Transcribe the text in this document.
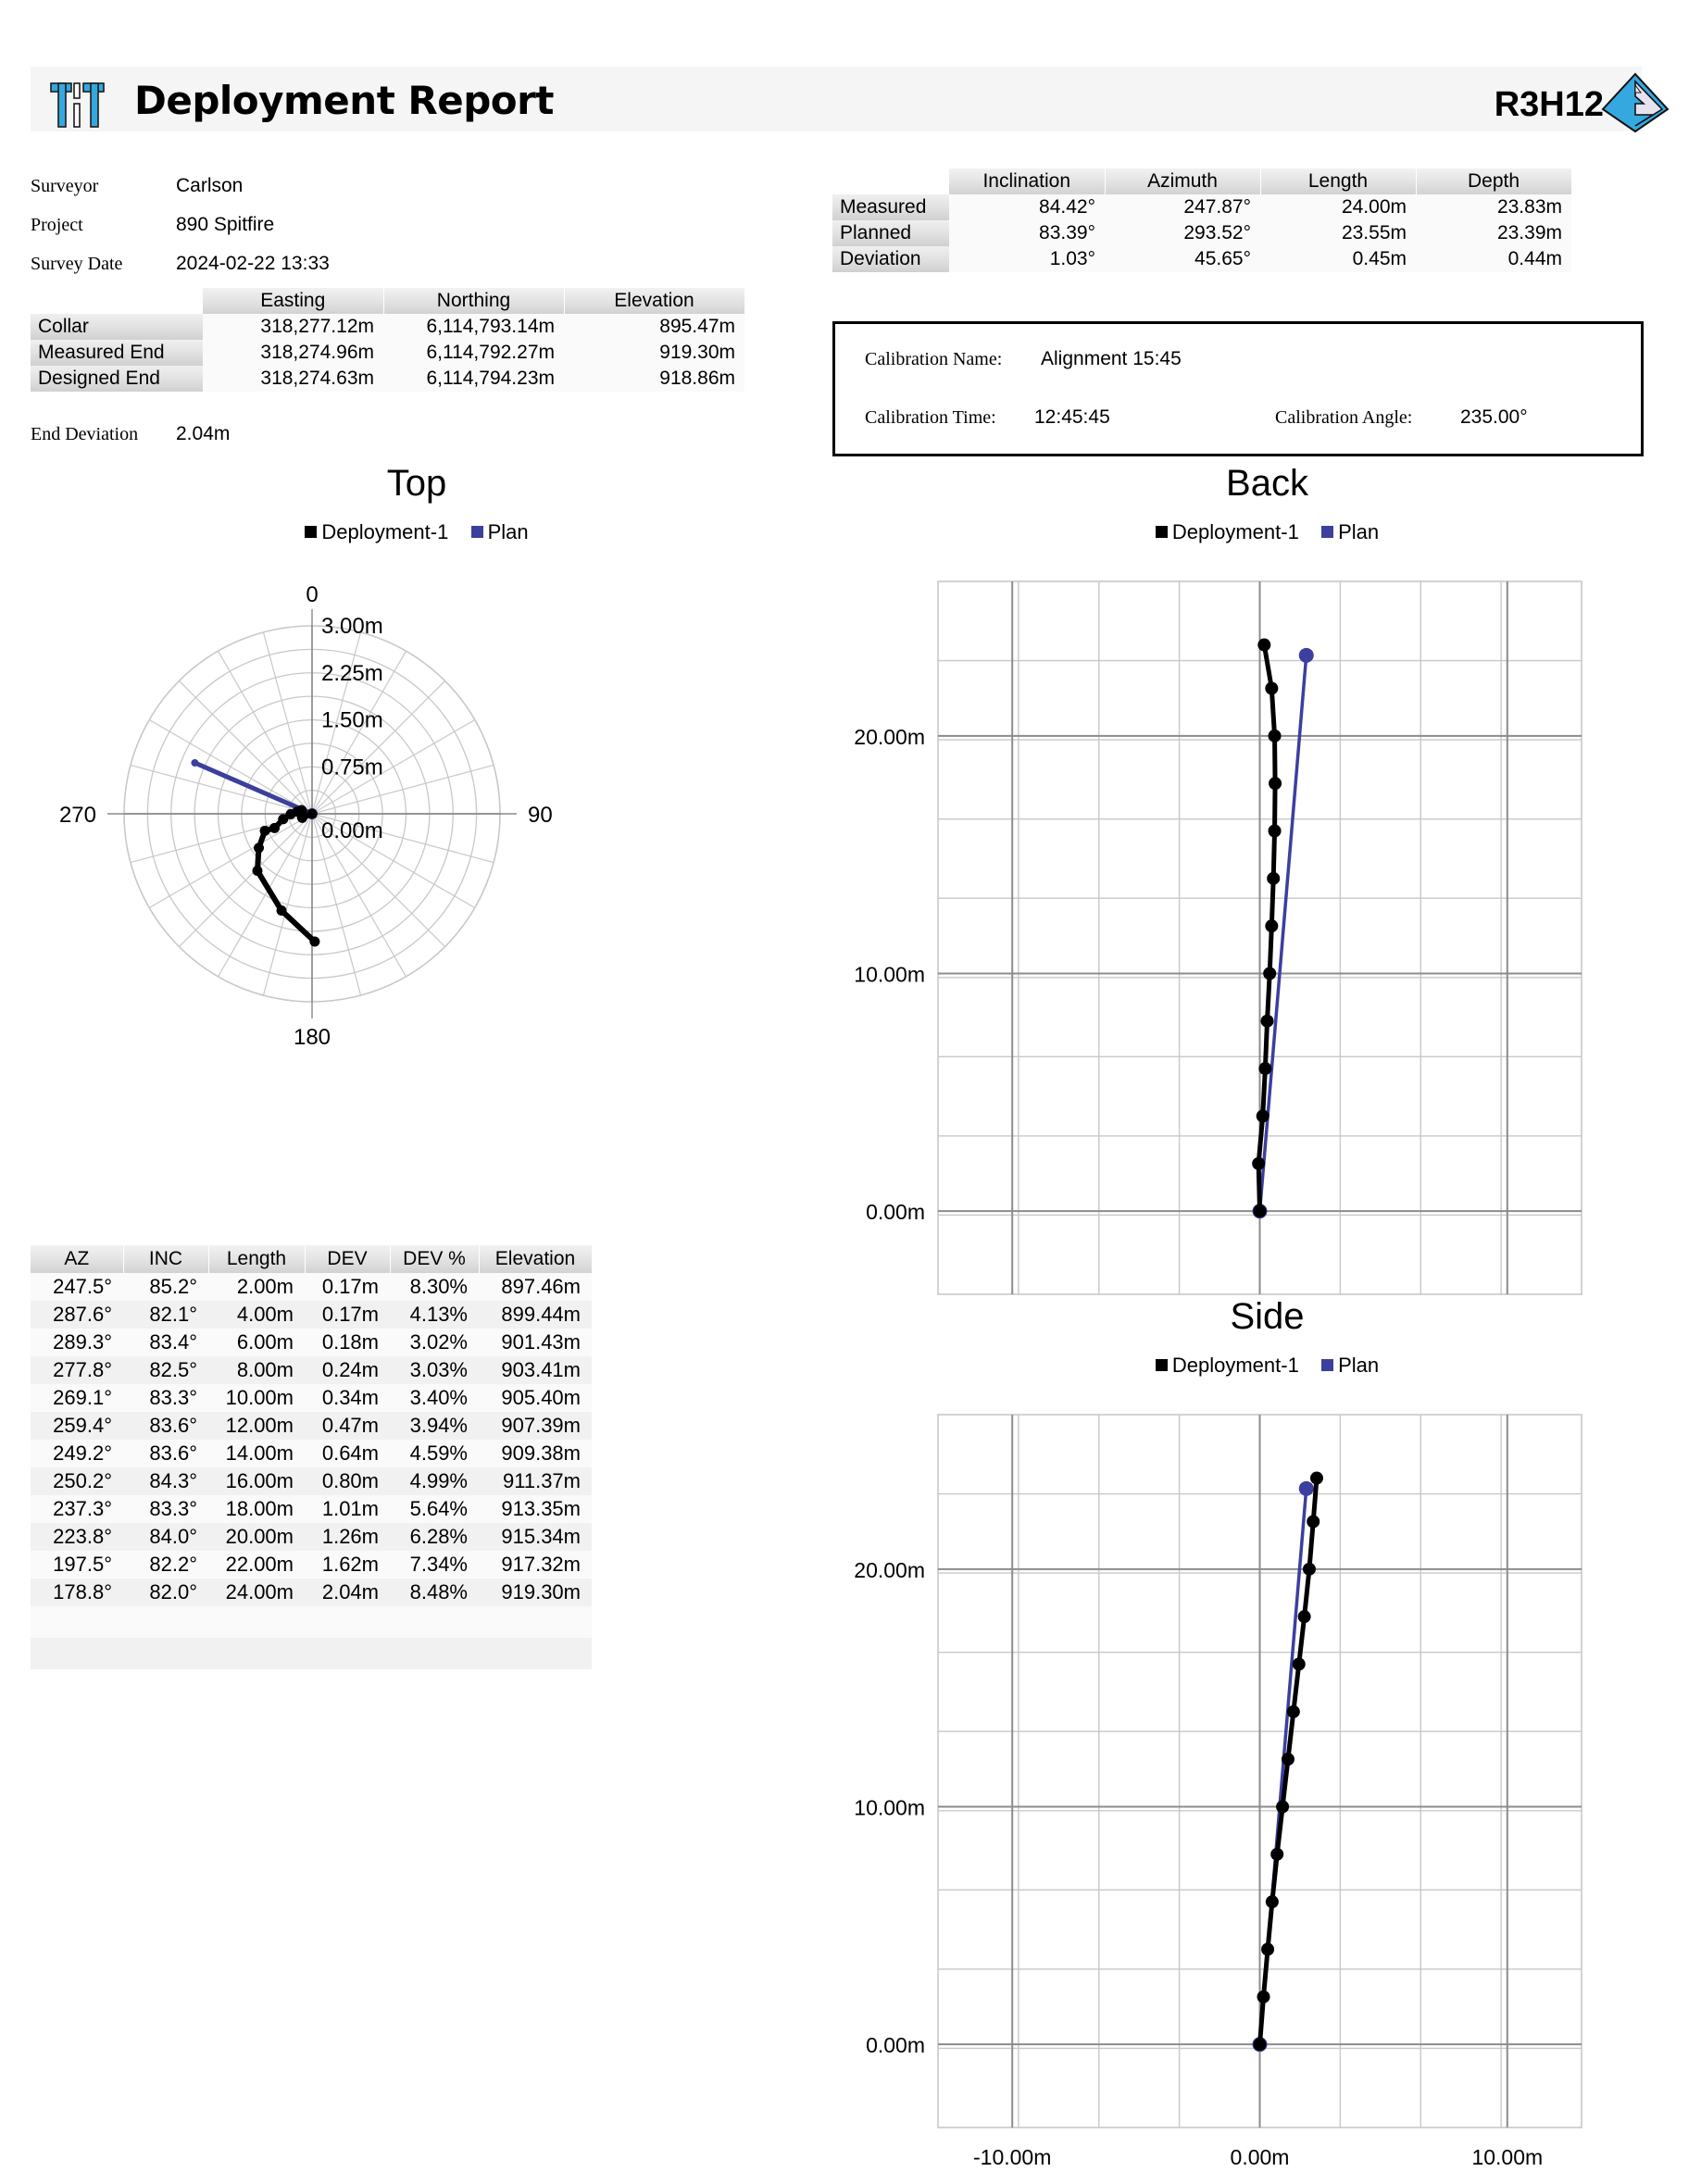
Deployment Report	R3H12
Surveyor	Carlson
Project	890 Spitfire
Survey Date	2024-02-22 13:33
End Deviation 2.04m
	Inclination	Azimuth	Length	Depth
Measured	84.42°	247.87°	24.00m	23.83m
Planned	83.39°	293.52°	23.55m	23.39m
Deviation	1.03°	45.65°	0.45m	0.44m
	Easting	Northing	Elevation
Collar	318,277.12m	6,114,793.14m	895.47m
Measured End	318,274.96m	6,114,792.27m	919.30m
Designed End	318,274.63m	6,114,794.23m	918.86m
Calibration Name: Alignment 15:45
Calibration Time: 12:45:45	Calibration Angle: 235.00°
Top
Deployment-1 Plan
0
90
180
270
0.00m
0.75m
1.50m
2.25m
3.00m
AZ	INC	Length	DEV	DEV %	Elevation
247.5°	85.2°	2.00m	0.17m	8.30%	897.46m
287.6°	82.1°	4.00m	0.17m	4.13%	899.44m
289.3°	83.4°	6.00m	0.18m	3.02%	901.43m
277.8°	82.5°	8.00m	0.24m	3.03%	903.41m
269.1°	83.3°	10.00m	0.34m	3.40%	905.40m
259.4°	83.6°	12.00m	0.47m	3.94%	907.39m
249.2°	83.6°	14.00m	0.64m	4.59%	909.38m
250.2°	84.3°	16.00m	0.80m	4.99%	911.37m
237.3°	83.3°	18.00m	1.01m	5.64%	913.35m
223.8°	84.0°	20.00m	1.26m	6.28%	915.34m
197.5°	82.2°	22.00m	1.62m	7.34%	917.32m
178.8°	82.0°	24.00m	2.04m	8.48%	919.30m

Back
Deployment-1 Plan
0.00m
10.00m
20.00m
Side
Deployment-1 Plan
-10.00m	0.00m	10.00m
0.00m
10.00m
20.00m
